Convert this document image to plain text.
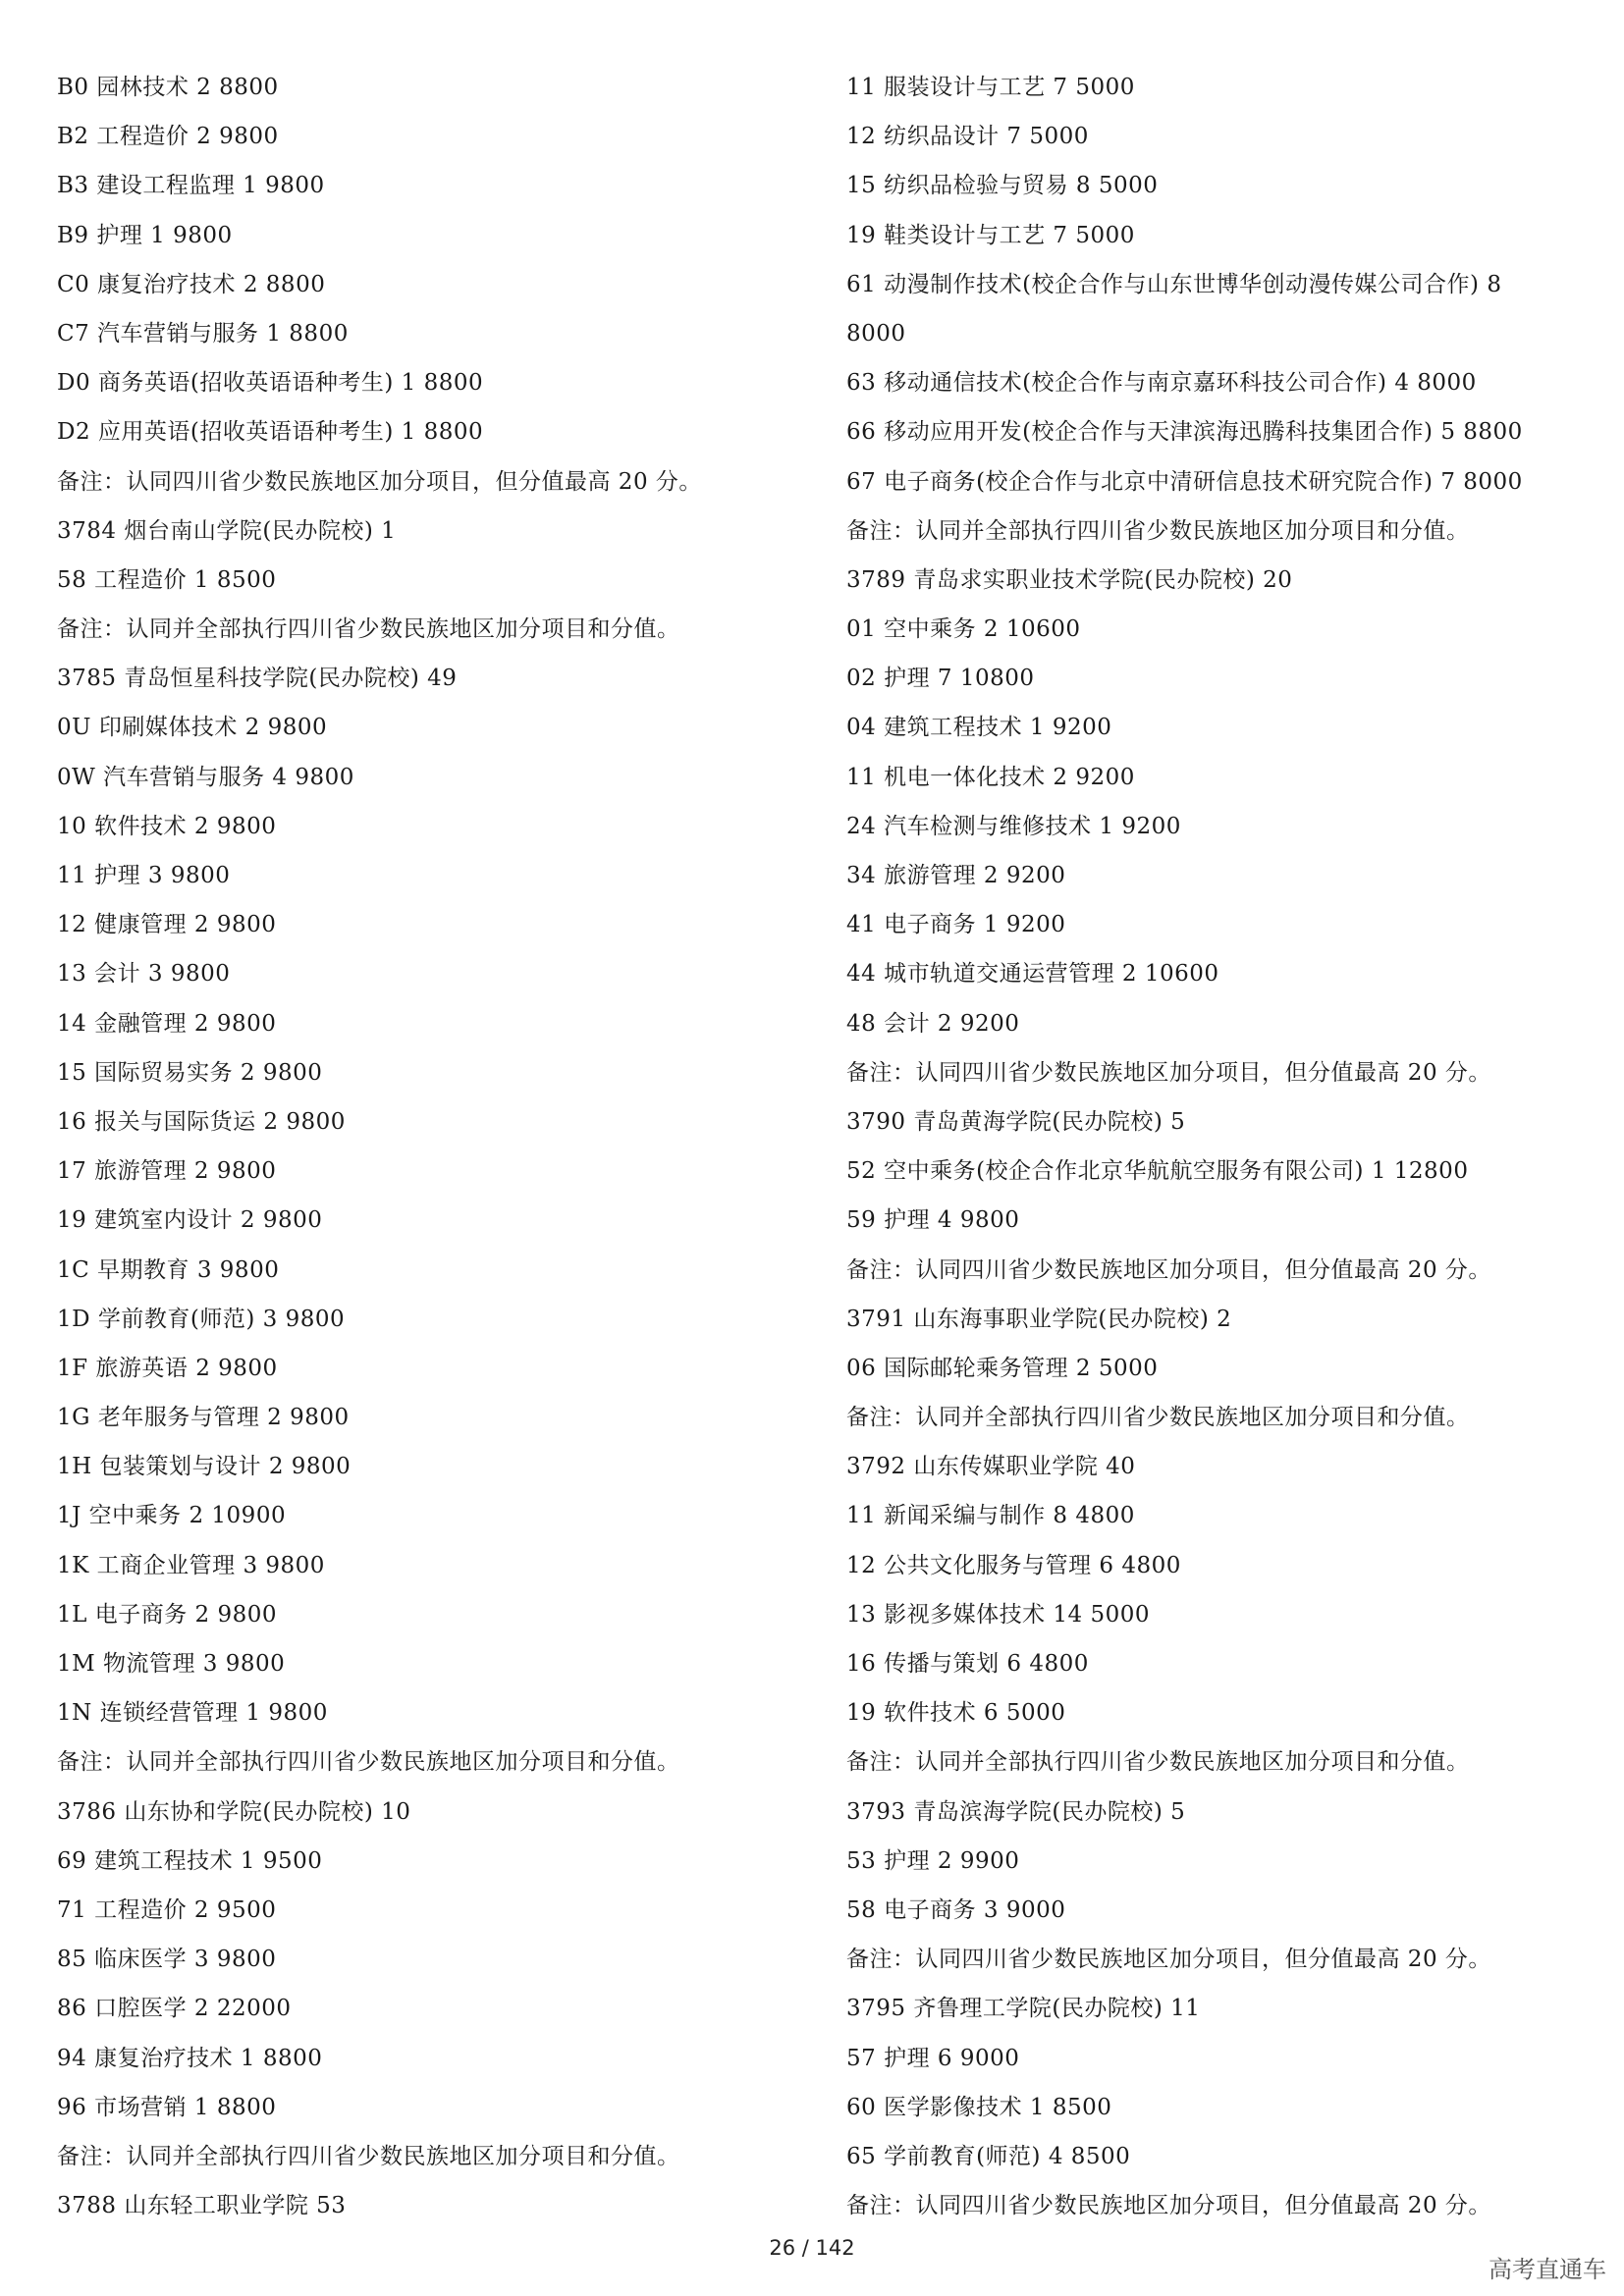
B0 园林技术 2 8800
B2 工程造价 2 9800
B3 建设工程监理 1 9800
B9 护理 1 9800
C0 康复治疗技术 2 8800
C7 汽车营销与服务 1 8800
D0 商务英语(招收英语语种考生) 1 8800
D2 应用英语(招收英语语种考生) 1 8800
备注：认同四川省少数民族地区加分项目，但分值最高 20 分。
3784 烟台南山学院(民办院校) 1
58 工程造价 1 8500
备注：认同并全部执行四川省少数民族地区加分项目和分值。
3785 青岛恒星科技学院(民办院校) 49
0U 印刷媒体技术 2 9800
0W 汽车营销与服务 4 9800
10 软件技术 2 9800
11 护理 3 9800
12 健康管理 2 9800
13 会计 3 9800
14 金融管理 2 9800
15 国际贸易实务 2 9800
16 报关与国际货运 2 9800
17 旅游管理 2 9800
19 建筑室内设计 2 9800
1C 早期教育 3 9800
1D 学前教育(师范) 3 9800
1F 旅游英语 2 9800
1G 老年服务与管理 2 9800
1H 包装策划与设计 2 9800
1J 空中乘务 2 10900
1K 工商企业管理 3 9800
1L 电子商务 2 9800
1M 物流管理 3 9800
1N 连锁经营管理 1 9800
备注：认同并全部执行四川省少数民族地区加分项目和分值。
3786 山东协和学院(民办院校) 10
69 建筑工程技术 1 9500
71 工程造价 2 9500
85 临床医学 3 9800
86 口腔医学 2 22000
94 康复治疗技术 1 8800
96 市场营销 1 8800
备注：认同并全部执行四川省少数民族地区加分项目和分值。
3788 山东轻工职业学院 53
11 服装设计与工艺 7 5000
12 纺织品设计 7 5000
15 纺织品检验与贸易 8 5000
19 鞋类设计与工艺 7 5000
61 动漫制作技术(校企合作与山东世博华创动漫传媒公司合作) 8
8000
63 移动通信技术(校企合作与南京嘉环科技公司合作) 4 8000
66 移动应用开发(校企合作与天津滨海迅腾科技集团合作) 5 8800
67 电子商务(校企合作与北京中清研信息技术研究院合作) 7 8000
备注：认同并全部执行四川省少数民族地区加分项目和分值。
3789 青岛求实职业技术学院(民办院校) 20
01 空中乘务 2 10600
02 护理 7 10800
04 建筑工程技术 1 9200
11 机电一体化技术 2 9200
24 汽车检测与维修技术 1 9200
34 旅游管理 2 9200
41 电子商务 1 9200
44 城市轨道交通运营管理 2 10600
48 会计 2 9200
备注：认同四川省少数民族地区加分项目，但分值最高 20 分。
3790 青岛黄海学院(民办院校) 5
52 空中乘务(校企合作北京华航航空服务有限公司) 1 12800
59 护理 4 9800
备注：认同四川省少数民族地区加分项目，但分值最高 20 分。
3791 山东海事职业学院(民办院校) 2
06 国际邮轮乘务管理 2 5000
备注：认同并全部执行四川省少数民族地区加分项目和分值。
3792 山东传媒职业学院 40
11 新闻采编与制作 8 4800
12 公共文化服务与管理 6 4800
13 影视多媒体技术 14 5000
16 传播与策划 6 4800
19 软件技术 6 5000
备注：认同并全部执行四川省少数民族地区加分项目和分值。
3793 青岛滨海学院(民办院校) 5
53 护理 2 9900
58 电子商务 3 9000
备注：认同四川省少数民族地区加分项目，但分值最高 20 分。
3795 齐鲁理工学院(民办院校) 11
57 护理 6 9000
60 医学影像技术 1 8500
65 学前教育(师范) 4 8500
备注：认同四川省少数民族地区加分项目，但分值最高 20 分。
26 / 142
高考直通车
